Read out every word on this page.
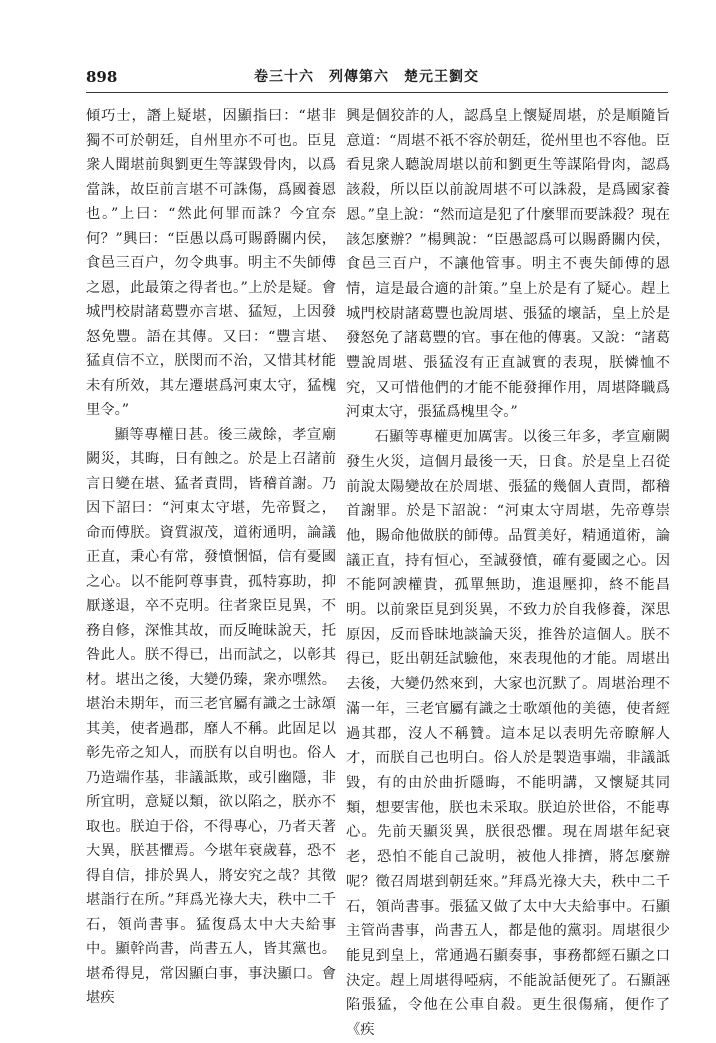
898	卷三十六　列傳第六　楚元王劉交

傾巧士，譖上疑堪，因顯指曰：“堪非獨不可於朝廷，自州里亦不可也。臣見衆人聞堪前與劉更生等謀毀骨肉，以爲當誅，故臣前言堪不可誅傷，爲國養恩也。”上曰：“然此何罪而誅？今宜奈何？”興曰：“臣愚以爲可賜爵關内侯，食邑三百户，勿令典事。明主不失師傅之恩，此最策之得者也。”上於是疑。會城門校尉諸葛豐亦言堪、猛短，上因發怒免豐。語在其傳。又曰：“豐言堪、猛貞信不立，朕閔而不治，又惜其材能未有所效，其左遷堪爲河東太守，猛槐里令。”

顯等專權日甚。後三歲餘，孝宣廟闕災，其晦，日有蝕之。於是上召諸前言日變在堪、猛者責問，皆稽首謝。乃因下詔曰：“河東太守堪，先帝賢之，命而傅朕。資質淑茂，道術通明，論議正直，秉心有常，發憤悃愊，信有憂國之心。以不能阿尊事貴，孤特寡助，抑厭遂退，卒不克明。往者衆臣見異，不務自修，深惟其故，而反晻昧說天，托咎此人。朕不得已，出而試之，以彰其材。堪出之後，大變仍臻，衆亦嘿然。堪治未期年，而三老官屬有識之士詠頌其美，使者過郡，靡人不稱。此固足以彰先帝之知人，而朕有以自明也。俗人乃造端作基，非議詆欺，或引幽隱，非所宜明，意疑以類，欲以陷之，朕亦不取也。朕迫于俗，不得專心，乃者天著大異，朕甚懼焉。今堪年衰歲暮，恐不得自信，排於異人，將安究之哉？其徵堪詣行在所。”拜爲光祿大夫，秩中二千石，領尚書事。猛復爲太中大夫給事中。顯幹尚書，尚書五人，皆其黨也。堪希得見，常因顯白事，事決顯口。會堪疾

興是個狡詐的人，認爲皇上懷疑周堪，於是順隨旨意道：“周堪不祇不容於朝廷，從州里也不容他。臣看見衆人聽說周堪以前和劉更生等謀陷骨肉，認爲該殺，所以臣以前說周堪不可以誅殺，是爲國家養恩。”皇上說：“然而這是犯了什麼罪而要誅殺？現在該怎麼辦？”楊興說：“臣愚認爲可以賜爵關内侯，食邑三百户，不讓他管事。明主不喪失師傅的恩情，這是最合適的計策。”皇上於是有了疑心。趕上城門校尉諸葛豐也說周堪、張猛的壞話，皇上於是發怒免了諸葛豐的官。事在他的傳裏。又說：“諸葛豐說周堪、張猛沒有正直誠實的表現，朕憐恤不究，又可惜他們的才能不能發揮作用，周堪降職爲河東太守，張猛爲槐里令。”

石顯等專權更加厲害。以後三年多，孝宣廟闕發生火災，這個月最後一天，日食。於是皇上召從前說太陽變故在於周堪、張猛的幾個人責問，都稽首謝罪。於是下詔說：“河東太守周堪，先帝尊崇他，賜命他做朕的師傅。品質美好，精通道術，論議正直，持有恒心，至誠發憤，確有憂國之心。因不能阿諛權貴，孤單無助，進退壓抑，終不能昌明。以前衆臣見到災異，不致力於自我修養，深思原因，反而昏昧地談論天災，推咎於這個人。朕不得已，貶出朝廷試驗他，來表現他的才能。周堪出去後，大變仍然來到，大家也沉默了。周堪治理不滿一年，三老官屬有識之士歌頌他的美德，使者經過其郡，沒人不稱贊。這本足以表明先帝瞭解人才，而朕自己也明白。俗人於是製造事端，非議詆毀，有的由於曲折隱晦，不能明講，又懷疑其同類，想要害他，朕也未采取。朕迫於世俗，不能專心。先前天顯災異，朕很恐懼。現在周堪年紀衰老，恐怕不能自己說明，被他人排擠，將怎麼辦呢？徵召周堪到朝廷來。”拜爲光祿大夫，秩中二千石，領尚書事。張猛又做了太中大夫給事中。石顯主管尚書事，尚書五人，都是他的黨羽。周堪很少能見到皇上，常通過石顯奏事，事務都經石顯之口決定。趕上周堪得啞病，不能說話便死了。石顯誣陷張猛，令他在公車自殺。更生很傷痛，便作了《疾
